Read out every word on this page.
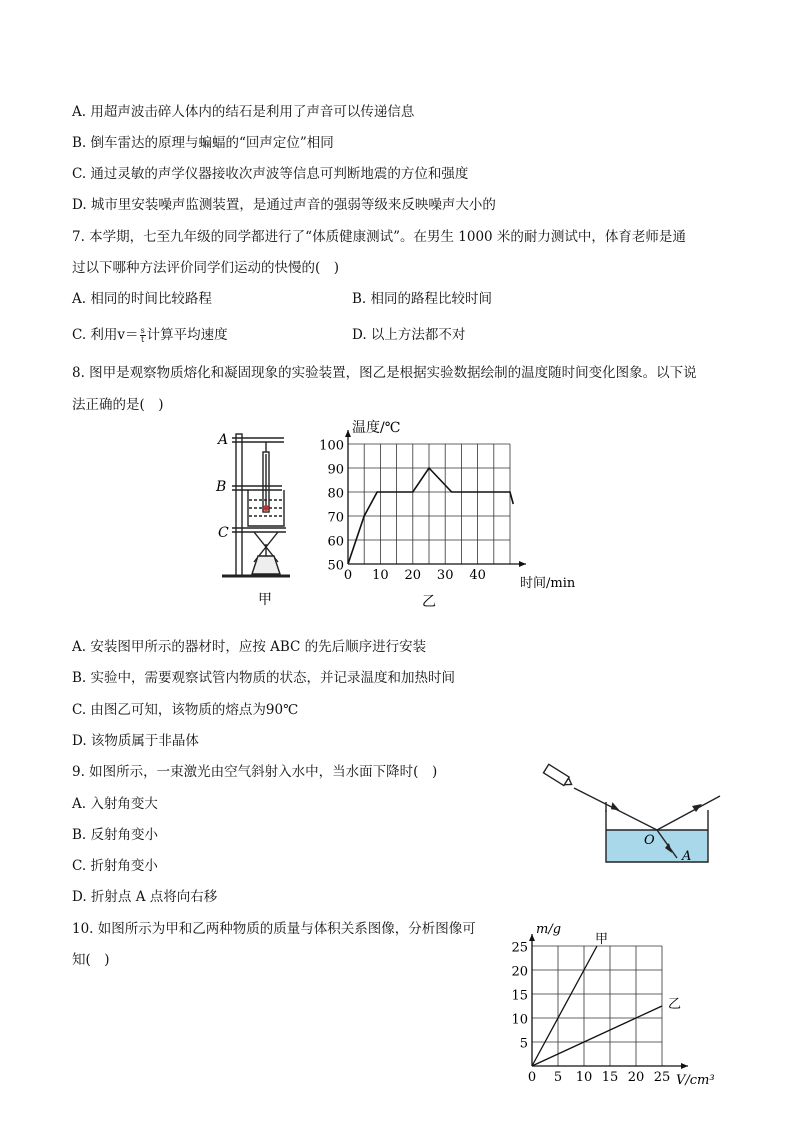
A. 用超声波击碎人体内的结石是利用了声音可以传递信息
B. 倒车雷达的原理与蝙蝠的“回声定位”相同
C. 通过灵敏的声学仪器接收次声波等信息可判断地震的方位和强度
D. 城市里安装噪声监测装置，是通过声音的强弱等级来反映噪声大小的
7. 本学期，七至九年级的同学都进行了“体质健康测试”。在男生 1000 米的耐力测试中，体育老师是通
过以下哪种方法评价同学们运动的快慢的(　)
A. 相同的时间比较路程	B. 相同的路程比较时间
C. 利用$v= \frac{s}{t}$ 计算平均速度	D. 以上方法都不对
8. 图甲是观察物质熔化和凝固现象的实验装置，图乙是根据实验数据绘制的温度随时间变化图象。以下说
法正确的是(　)
A
B
C
甲
0 10 20 30 40
50
60
70
80
90
100
温度/℃
时间/min
乙
A. 安装图甲所示的器材时，应按 ABC 的先后顺序进行安装
B. 实验中，需要观察试管内物质的状态，并记录温度和加热时间
C. 由图乙可知，该物质的熔点为90℃
D. 该物质属于非晶体
9. 如图所示，一束激光由空气斜射入水中，当水面下降时(　)
A. 入射角变大
B. 反射角变小
C. 折射角变小
D. 折射点 A 点将向右移
O
A
10. 如图所示为甲和乙两种物质的质量与体积关系图像，分析图像可
知(　)
0 5 10 15 20 25
5
10
15
20
25
m/g
V/cm³
甲
乙
